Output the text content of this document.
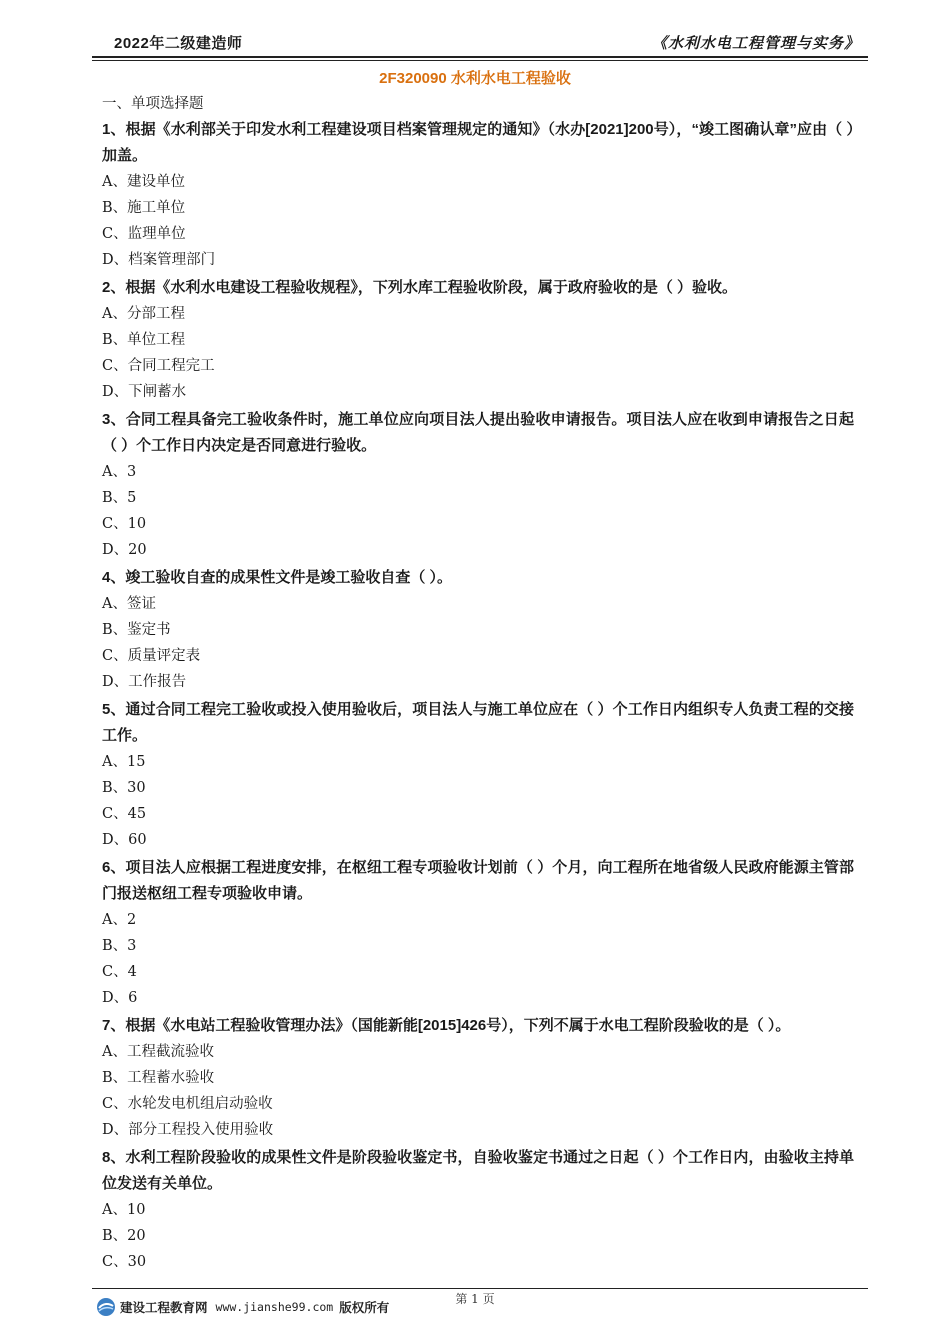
2022年二级建造师	《水利水电工程管理与实务》
2F320090 水利水电工程验收
一、单项选择题
1、根据《水利部关于印发水利工程建设项目档案管理规定的通知》（水办[2021]200号），“竣工图确认章”应由（ ）加盖。
A、建设单位
B、施工单位
C、监理单位
D、档案管理部门
2、根据《水利水电建设工程验收规程》，下列水库工程验收阶段，属于政府验收的是（ ）验收。
A、分部工程
B、单位工程
C、合同工程完工
D、下闸蓄水
3、合同工程具备完工验收条件时，施工单位应向项目法人提出验收申请报告。项目法人应在收到申请报告之日起（ ）个工作日内决定是否同意进行验收。
A、3
B、5
C、10
D、20
4、竣工验收自查的成果性文件是竣工验收自查（ ）。
A、签证
B、鉴定书
C、质量评定表
D、工作报告
5、通过合同工程完工验收或投入使用验收后，项目法人与施工单位应在（ ）个工作日内组织专人负责工程的交接工作。
A、15
B、30
C、45
D、60
6、项目法人应根据工程进度安排，在枢纽工程专项验收计划前（ ）个月，向工程所在地省级人民政府能源主管部门报送枢纽工程专项验收申请。
A、2
B、3
C、4
D、6
7、根据《水电站工程验收管理办法》（国能新能[2015]426号），下列不属于水电工程阶段验收的是（ ）。
A、工程截流验收
B、工程蓄水验收
C、水轮发电机组启动验收
D、部分工程投入使用验收
8、水利工程阶段验收的成果性文件是阶段验收鉴定书，自验收鉴定书通过之日起（ ）个工作日内，由验收主持单位发送有关单位。
A、10
B、20
C、30
第 1 页
建设工程教育网 www.jianshe99.com 版权所有
